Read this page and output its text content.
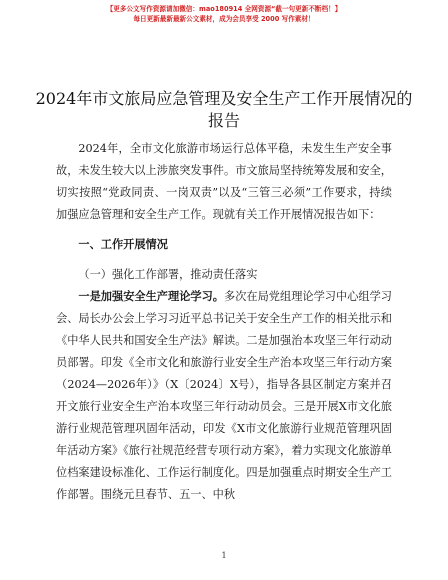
【更多公文写作资源请加微信：mao180914 全网资源“截一句更新不断档！】
每日更新最新最新公文素材，成为会员享受 2000 写作素材！
2024年市文旅局应急管理及安全生产工作开展情况的报告

2024年，全市文化旅游市场运行总体平稳，未发生生产安全事故，未发生较大以上涉旅突发事件。市文旅局坚持统筹发展和安全，切实按照“党政同责、一岗双责”以及“三管三必须”工作要求，持续加强应急管理和安全生产工作。现就有关工作开展情况报告如下：

一、工作开展情况

（一）强化工作部署，推动责任落实

一是加强安全生产理论学习。多次在局党组理论学习中心组学习会、局长办公会上学习习近平总书记关于安全生产工作的相关批示和《中华人民共和国安全生产法》解读。二是加强治本攻坚三年行动动员部署。印发《全市文化和旅游行业安全生产治本攻坚三年行动方案（2024—2026年）》（X〔2024〕X号），指导各县区制定方案并召开文旅行业安全生产治本攻坚三年行动动员会。三是开展X市文化旅游行业规范管理巩固年活动，印发《X市文化旅游行业规范管理巩固年活动方案》《旅行社规范经营专项行动方案》，着力实现文化旅游单位档案建设标准化、工作运行制度化。四是加强重点时期安全生产工作部署。围绕元旦春节、五一、中秋

1
